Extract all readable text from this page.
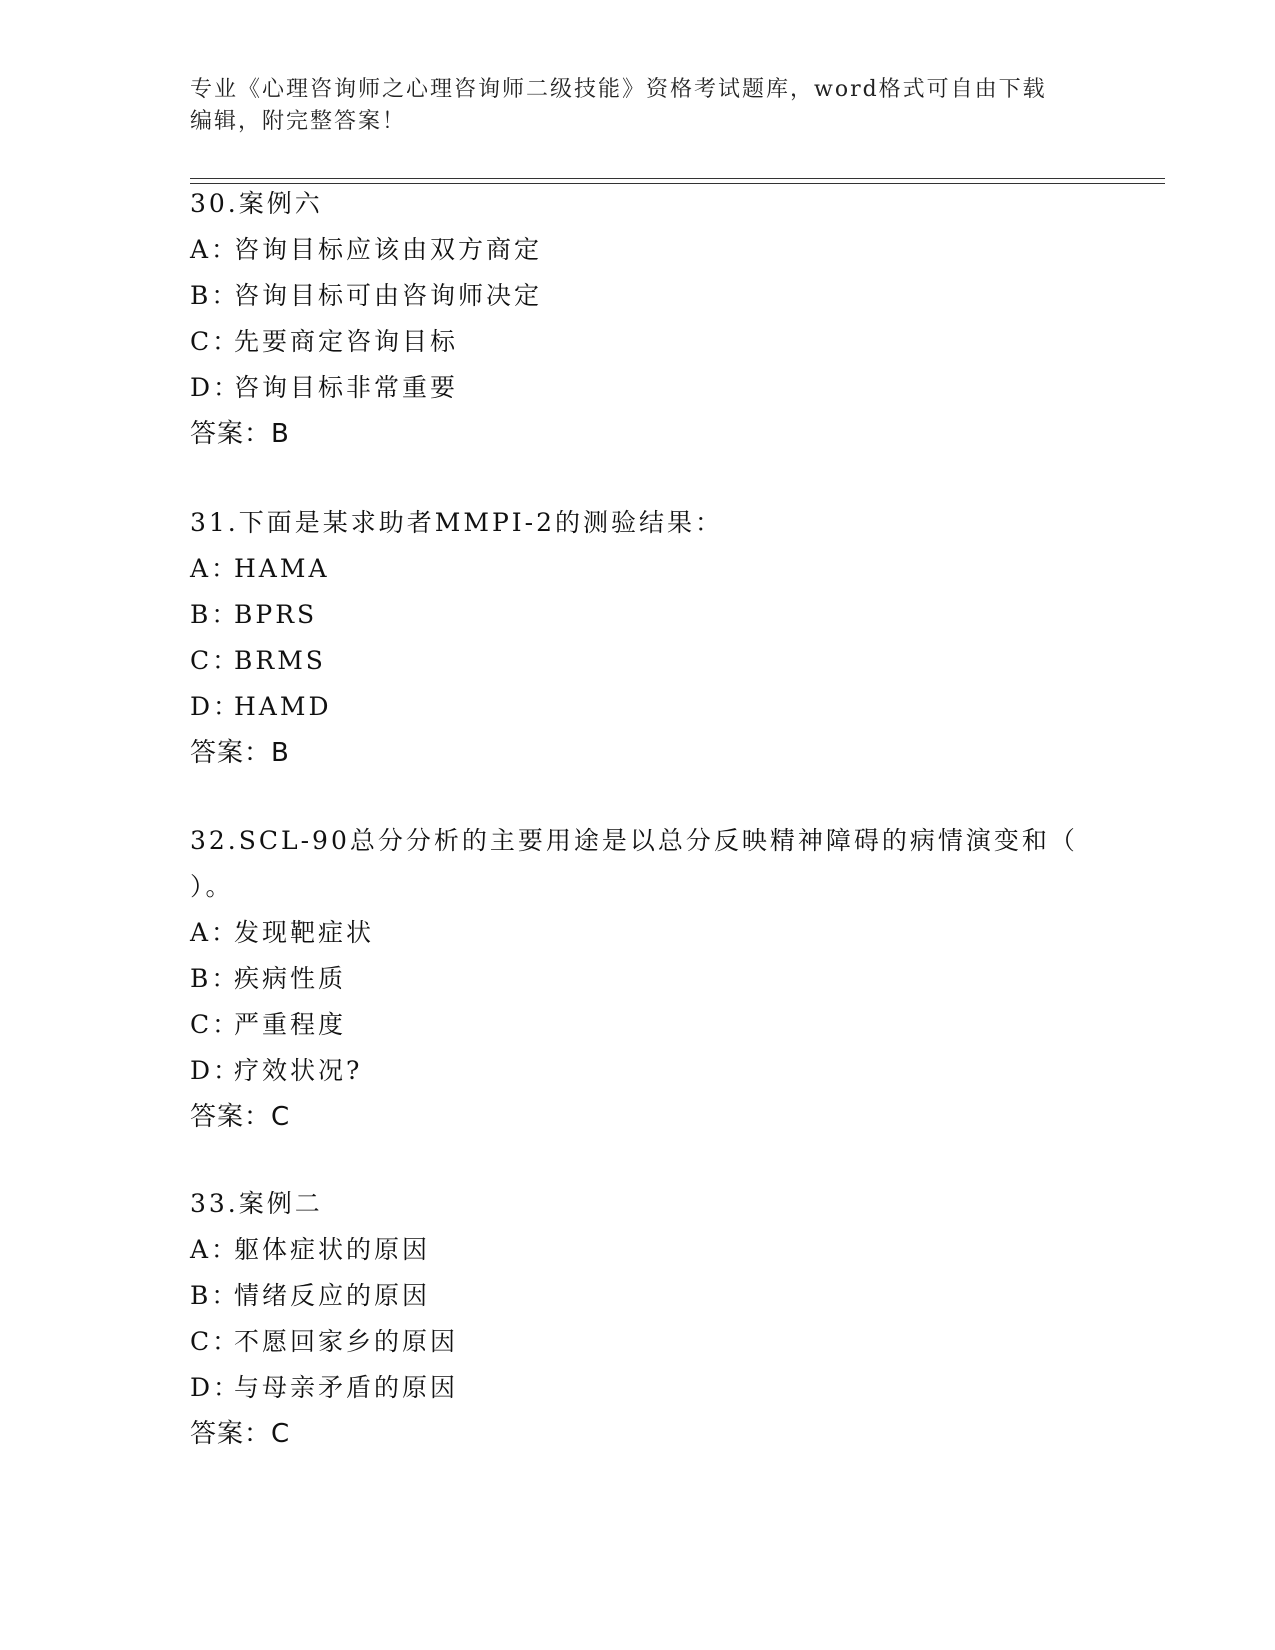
专业《心理咨询师之心理咨询师二级技能》资格考试题库，word格式可自由下载
编辑，附完整答案！

30.案例六

A：咨询目标应该由双方商定

B：咨询目标可由咨询师决定

C：先要商定咨询目标

D：咨询目标非常重要

答案：B

31.下面是某求助者MMPI-2的测验结果：

A：HAMA

B：BPRS

C：BRMS

D：HAMD

答案：B

32.SCL-90总分分析的主要用途是以总分反映精神障碍的病情演变和（

）。

A：发现靶症状

B：疾病性质

C：严重程度

D：疗效状况?

答案：C

33.案例二

A：躯体症状的原因

B：情绪反应的原因

C：不愿回家乡的原因

D：与母亲矛盾的原因

答案：C
